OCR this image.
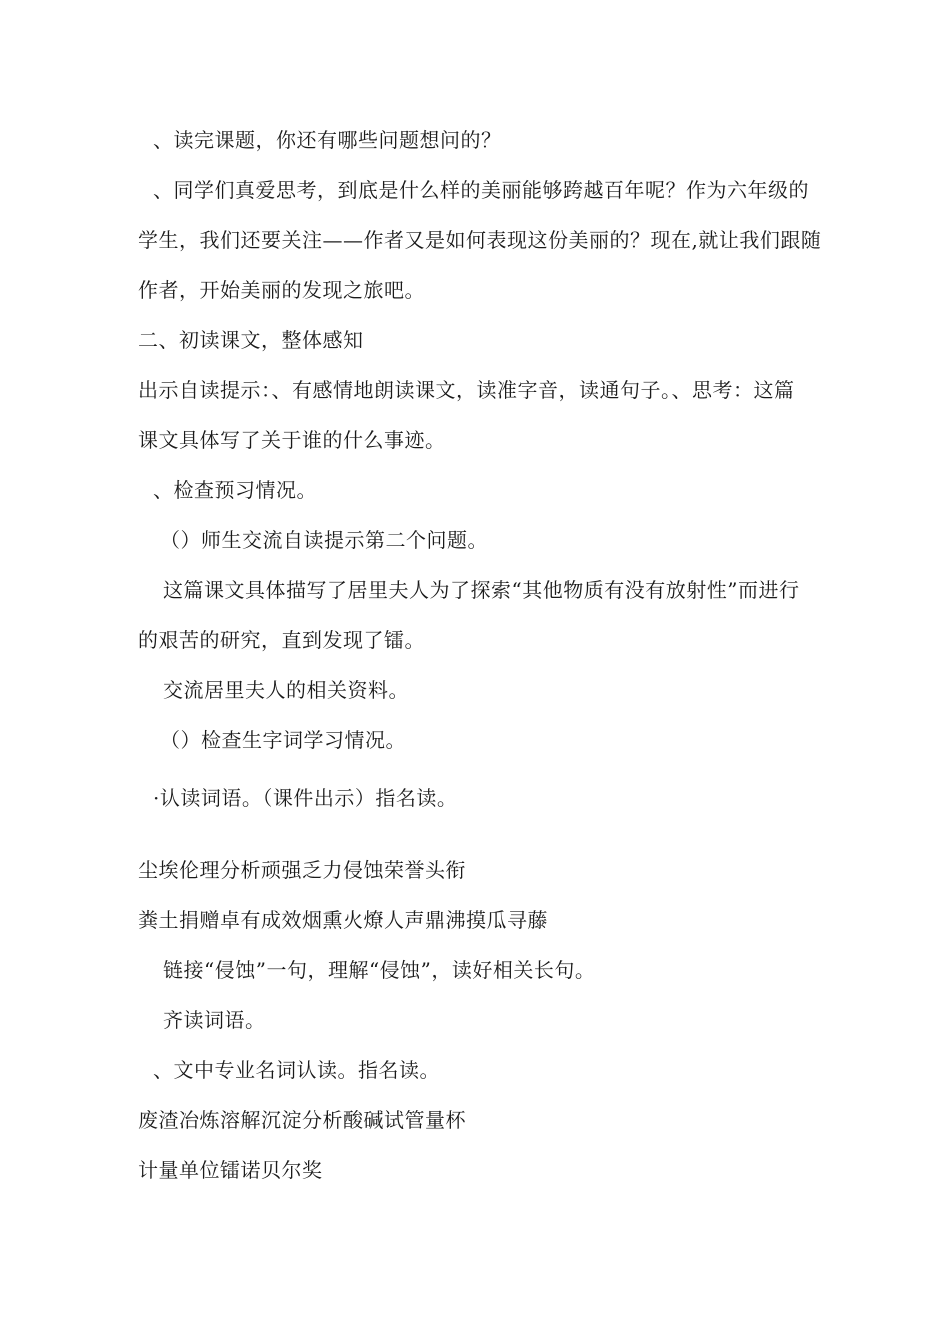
、读完课题，你还有哪些问题想问的？
、同学们真爱思考，到底是什么样的美丽能够跨越百年呢？作为六年级的
学生，我们还要关注——作者又是如何表现这份美丽的？现在,就让我们跟随
作者，开始美丽的发现之旅吧。
二、初读课文，整体感知
出示自读提示：、有感情地朗读课文，读准字音，读通句子。、思考：这篇
课文具体写了关于谁的什么事迹。
、检查预习情况。
（）师生交流自读提示第二个问题。
这篇课文具体描写了居里夫人为了探索“其他物质有没有放射性”而进行
的艰苦的研究，直到发现了镭。
交流居里夫人的相关资料。
（）检查生字词学习情况。
·认读词语。（课件出示）指名读。
尘埃伦理分析顽强乏力侵蚀荣誉头衔
粪土捐赠卓有成效烟熏火燎人声鼎沸摸瓜寻藤
链接“侵蚀”一句，理解“侵蚀”，读好相关长句。
齐读词语。
、文中专业名词认读。指名读。
废渣冶炼溶解沉淀分析酸碱试管量杯
计量单位镭诺贝尔奖
